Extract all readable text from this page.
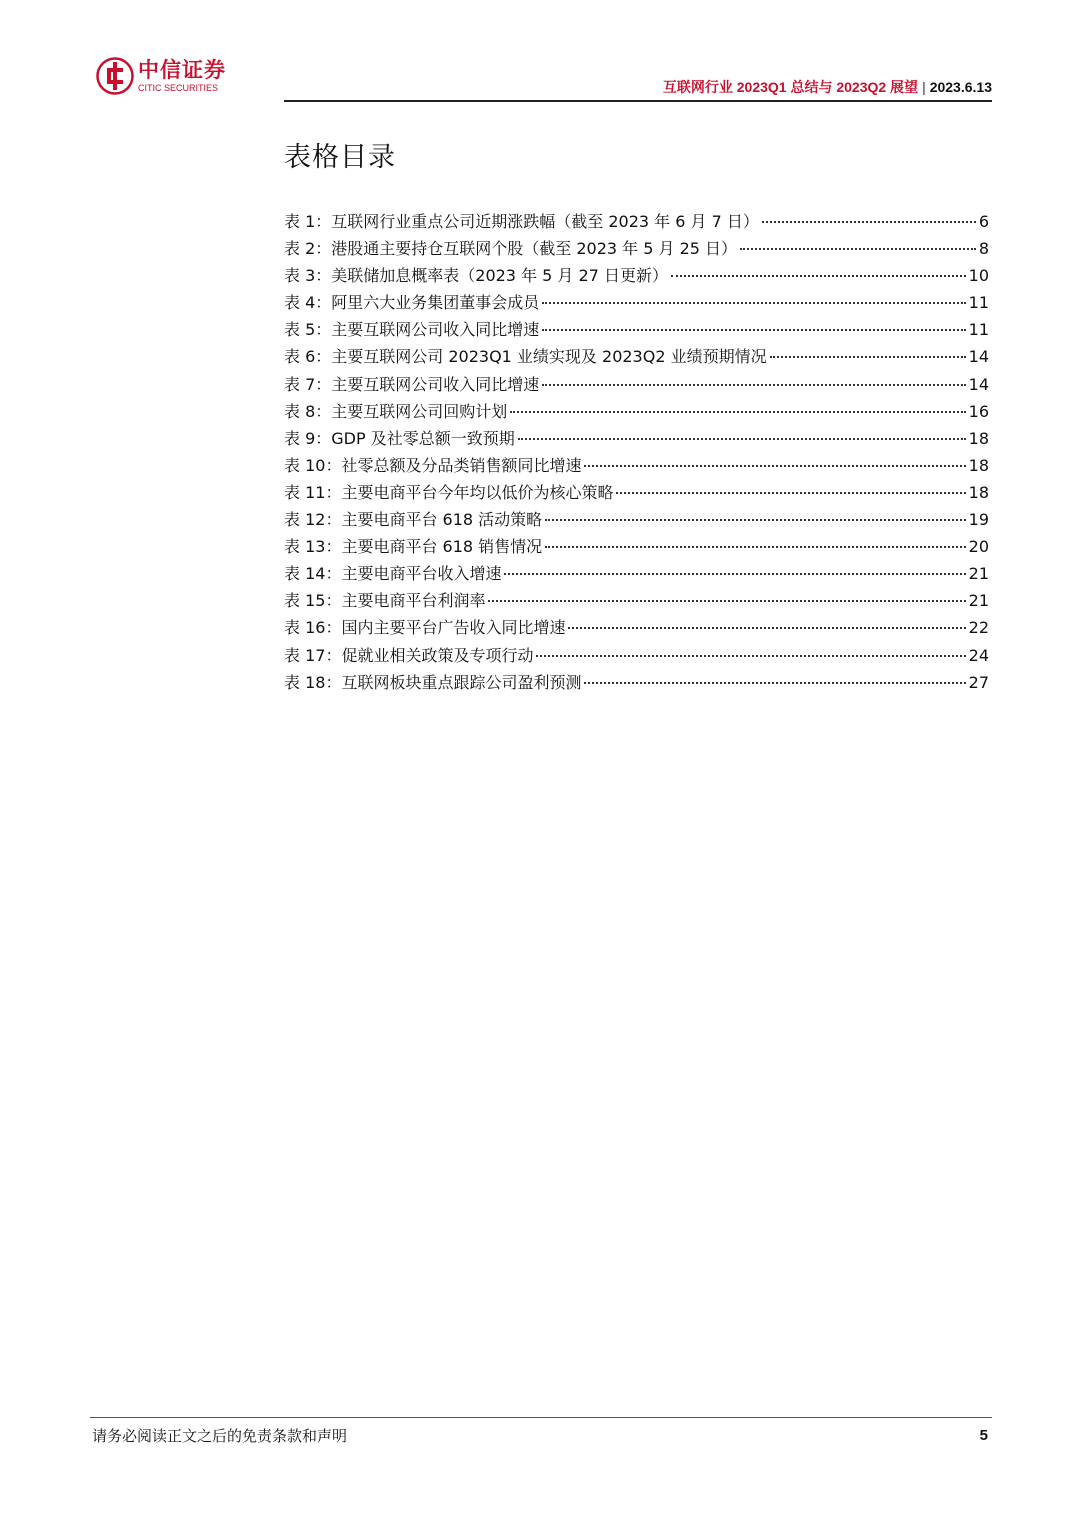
中信证券
CITIC SECURITIES	互联网行业 2023Q1 总结与 2023Q2 展望 | 2023.6.13
表格目录
表 1：互联网行业重点公司近期涨跌幅（截至 2023 年 6 月 7 日）	6
表 2：港股通主要持仓互联网个股（截至 2023 年 5 月 25 日）	8
表 3：美联储加息概率表（2023 年 5 月 27 日更新）	10
表 4：阿里六大业务集团董事会成员	11
表 5：主要互联网公司收入同比增速	11
表 6：主要互联网公司 2023Q1 业绩实现及 2023Q2 业绩预期情况	14
表 7：主要互联网公司收入同比增速	14
表 8：主要互联网公司回购计划	16
表 9：GDP 及社零总额一致预期	18
表 10：社零总额及分品类销售额同比增速	18
表 11：主要电商平台今年均以低价为核心策略	18
表 12：主要电商平台 618 活动策略	19
表 13：主要电商平台 618 销售情况	20
表 14：主要电商平台收入增速	21
表 15：主要电商平台利润率	21
表 16：国内主要平台广告收入同比增速	22
表 17：促就业相关政策及专项行动	24
表 18：互联网板块重点跟踪公司盈利预测	27
请务必阅读正文之后的免责条款和声明	5
